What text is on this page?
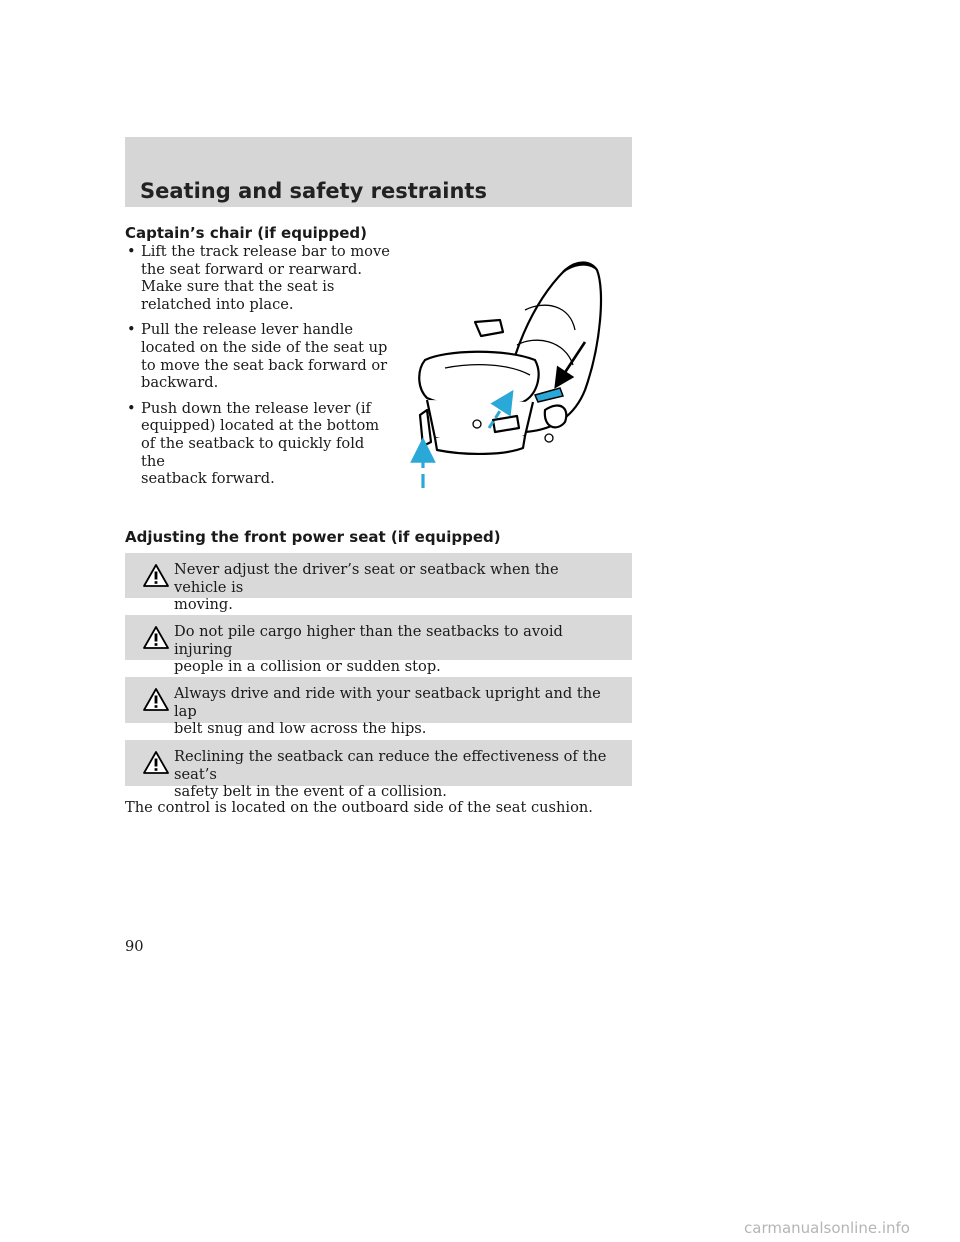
Seating and safety restraints
Captain’s chair (if equipped)
• Lift the track release bar to move
the seat forward or rearward.
Make sure that the seat is
relatched into place.
• Pull the release lever handle
located on the side of the seat up
to move the seat back forward or
backward.
• Push down the release lever (if
equipped) located at the bottom
of the seatback to quickly fold the
seatback forward.
Adjusting the front power seat (if equipped)
Never adjust the driver’s seat or seatback when the vehicle is
moving.
Do not pile cargo higher than the seatbacks to avoid injuring
people in a collision or sudden stop.
Always drive and ride with your seatback upright and the lap
belt snug and low across the hips.
Reclining the seatback can reduce the effectiveness of the seat’s
safety belt in the event of a collision.
The control is located on the outboard side of the seat cushion.
90
carmanualsonline.info
